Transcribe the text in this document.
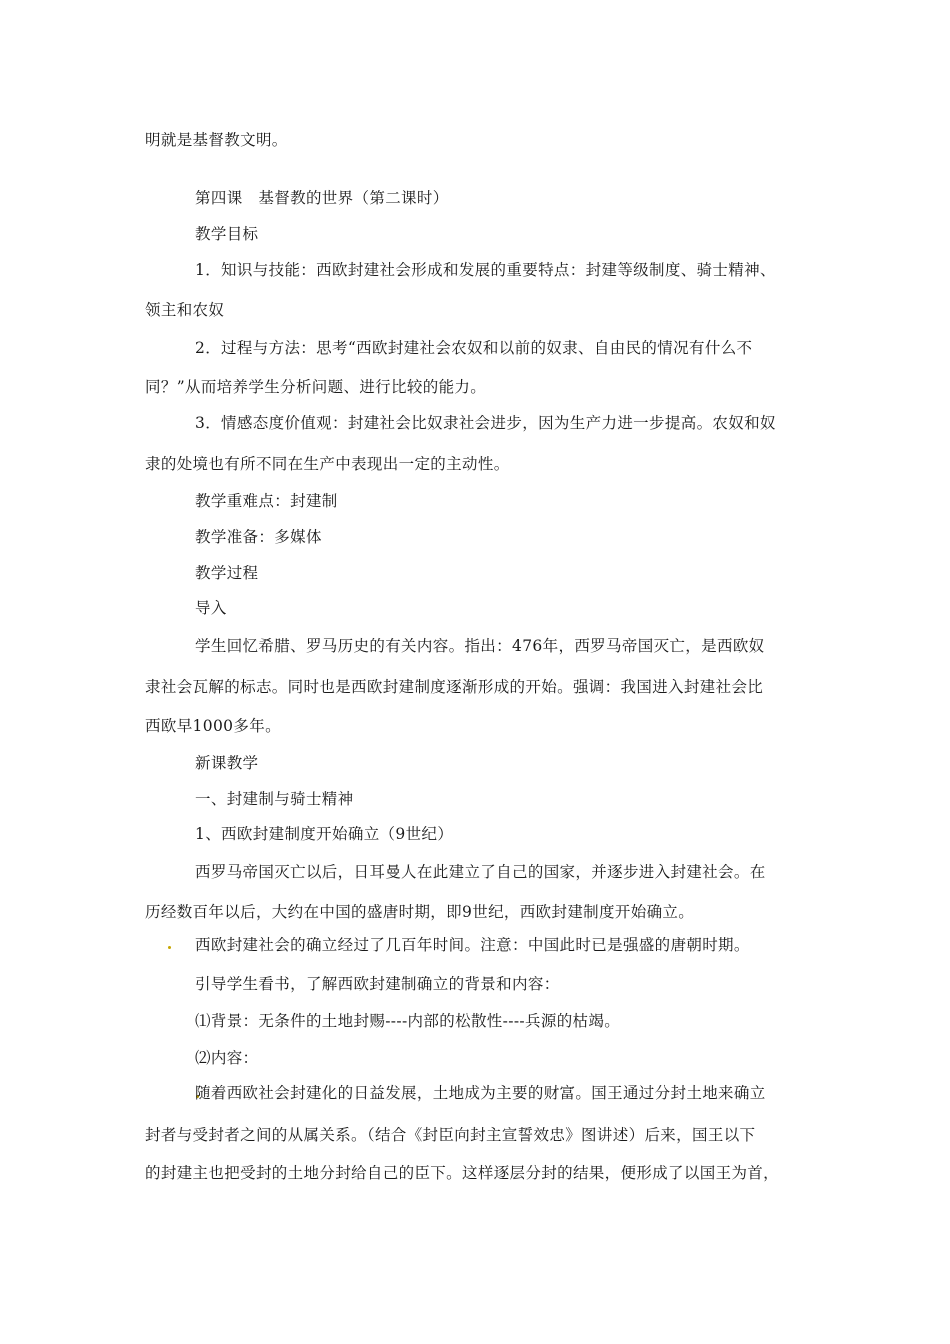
明就是基督教文明。
第四课　基督教的世界（第二课时）
教学目标
1．知识与技能：西欧封建社会形成和发展的重要特点：封建等级制度、骑士精神、
领主和农奴
2．过程与方法：思考“西欧封建社会农奴和以前的奴隶、自由民的情况有什么不
同？”从而培养学生分析问题、进行比较的能力。
3．情感态度价值观：封建社会比奴隶社会进步，因为生产力进一步提高。农奴和奴
隶的处境也有所不同在生产中表现出一定的主动性。
教学重难点：封建制
教学准备：多媒体
教学过程
导入
学生回忆希腊、罗马历史的有关内容。指出：476年，西罗马帝国灭亡，是西欧奴
隶社会瓦解的标志。同时也是西欧封建制度逐渐形成的开始。强调：我国进入封建社会比
西欧早1000多年。
新课教学
一、封建制与骑士精神
1、西欧封建制度开始确立（9世纪）
西罗马帝国灭亡以后，日耳曼人在此建立了自己的国家，并逐步进入封建社会。在
历经数百年以后，大约在中国的盛唐时期，即9世纪，西欧封建制度开始确立。
西欧封建社会的确立经过了几百年时间。注意：中国此时已是强盛的唐朝时期。
引导学生看书，了解西欧封建制确立的背景和内容：
⑴背景：无条件的土地封赐----内部的松散性----兵源的枯竭。
⑵内容：
随着西欧社会封建化的日益发展，土地成为主要的财富。国王通过分封土地来确立
封者与受封者之间的从属关系。（结合《封臣向封主宣誓效忠》图讲述）后来，国王以下
的封建主也把受封的土地分封给自己的臣下。这样逐层分封的结果，便形成了以国王为首，
